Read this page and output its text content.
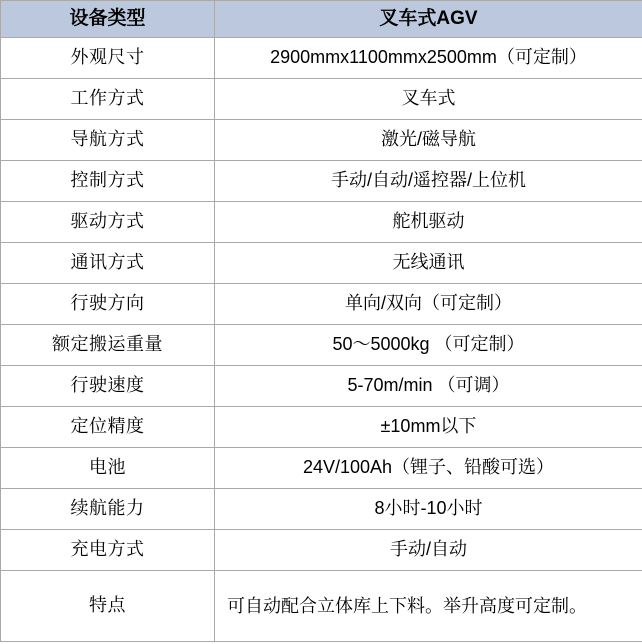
设备类型	叉车式AGV
外观尺寸	2900mmx1100mmx2500mm（可定制）
工作方式	叉车式
导航方式	激光/磁导航
控制方式	手动/自动/遥控器/上位机
驱动方式	舵机驱动
通讯方式	无线通讯
行驶方向	单向/双向（可定制）
额定搬运重量	50～5000kg （可定制）
行驶速度	5-70m/min （可调）
定位精度	±10mm以下
电池	24V/100Ah（锂子、铅酸可选）
续航能力	8小时-10小时
充电方式	手动/自动
特点	可自动配合立体库上下料。举升高度可定制。
